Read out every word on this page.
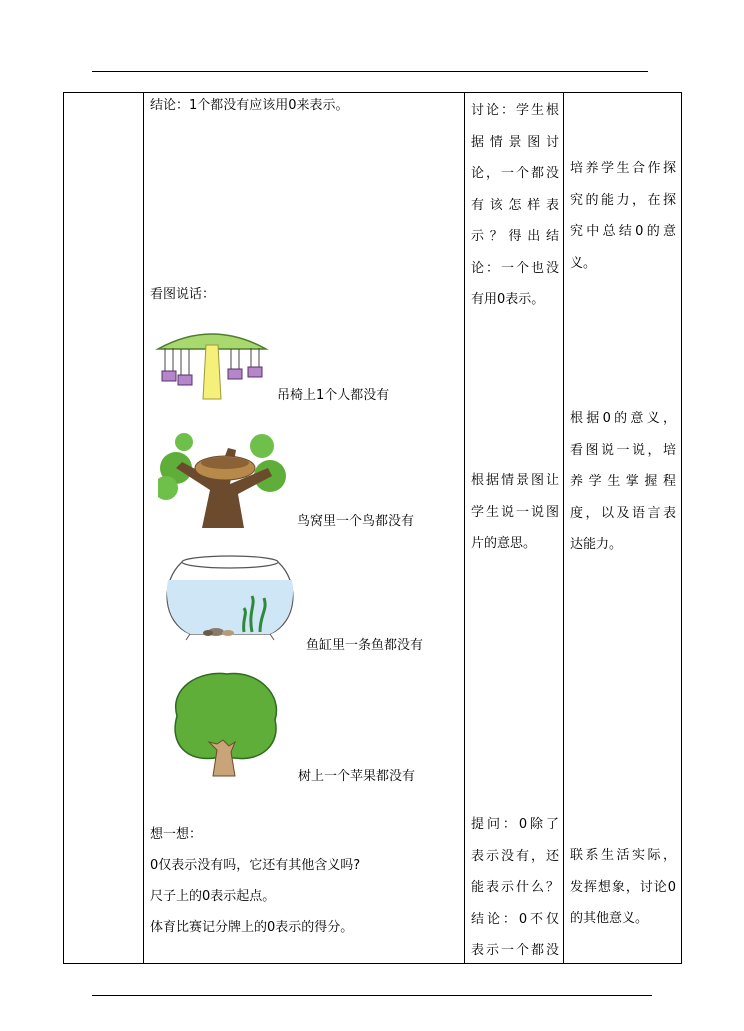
结论：1个都没有应该用0来表示。
看图说话：
吊椅上1个人都没有
鸟窝里一个鸟都没有
鱼缸里一条鱼都没有
树上一个苹果都没有
想一想：
0仅表示没有吗，它还有其他含义吗?
尺子上的0表示起点。
体育比赛记分牌上的0表示的得分。
讨论：学生根
据情景图讨
论，一个都没
有该怎样表
示？得出结
论：一个也没
有用0表示。
根据情景图让
学生说一说图
片的意思。
提问：0除了
表示没有，还
能表示什么？
结论：0不仅
表示一个都没
培养学生合作探
究的能力，在探
究中总结0的意
义。
根据0的意义，
看图说一说，培
养学生掌握程
度，以及语言表
达能力。
联系生活实际，
发挥想象，讨论0
的其他意义。
